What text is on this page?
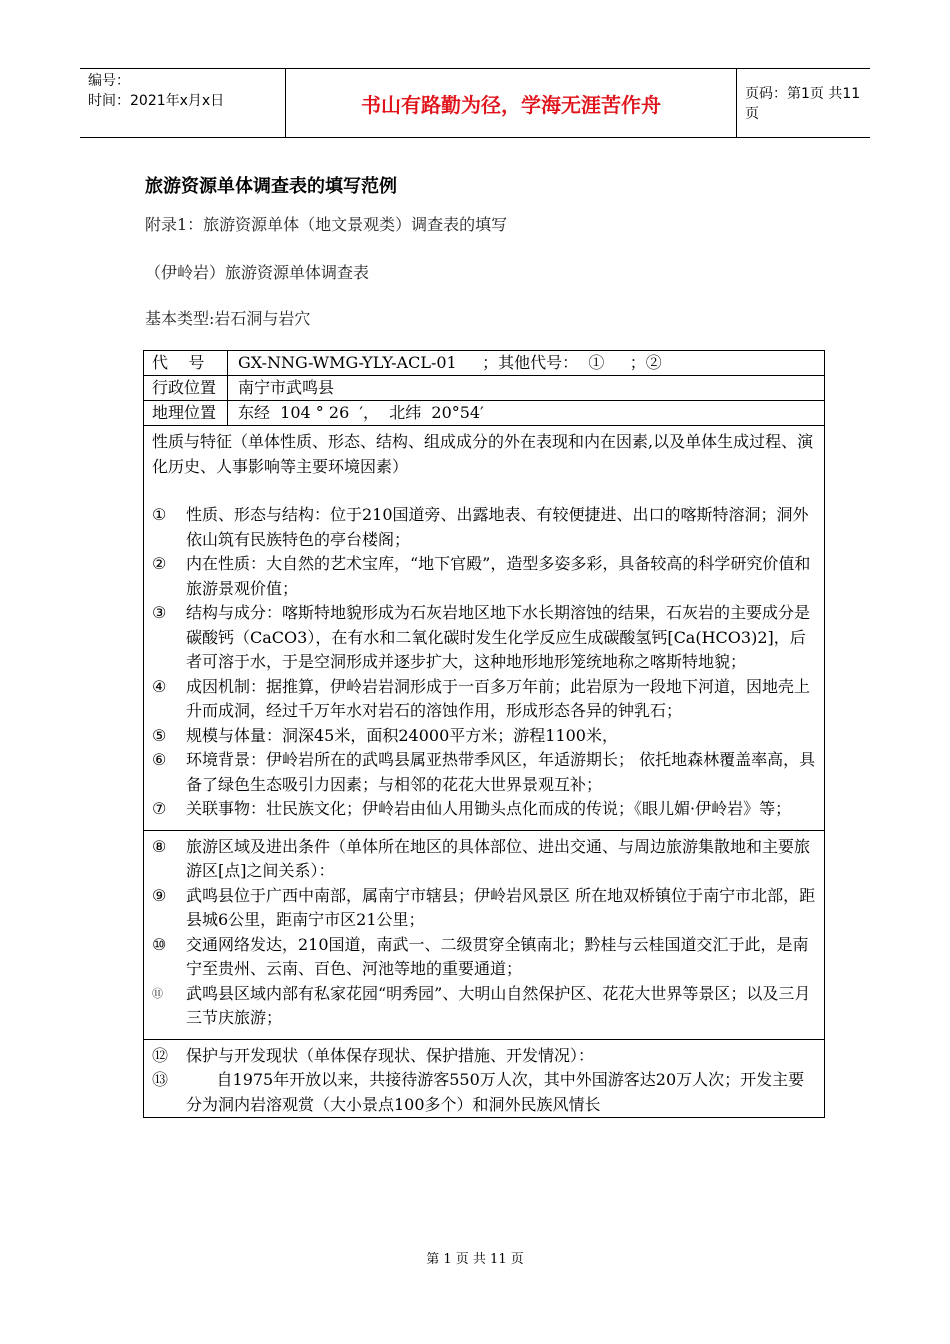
编号：
时间：2021年x月x日	书山有路勤为径，学海无涯苦作舟	页码：第1页 共11页
旅游资源单体调查表的填写范例
附录1：旅游资源单体（地文景观类）调查表的填写
（伊岭岩）旅游资源单体调查表
基本类型:岩石洞与岩穴
代    号	GX-NNG-WMG-YLY-ACL-01     ；其他代号：  ①     ；②
行政位置	南宁市武鸣县
地理位置	东经  104 ° 26  ′，  北纬  20°54′
性质与特征（单体性质、形态、结构、组成成分的外在表现和内在因素,以及单体生成过程、演化历史、人事影响等主要环境因素）
①	性质、形态与结构：位于210国道旁、出露地表、有较便捷进、出口的喀斯特溶洞；洞外依山筑有民族特色的亭台楼阁；
②	内在性质：大自然的艺术宝库，“地下官殿”，造型多姿多彩，具备较高的科学研究价值和旅游景观价值；
③	结构与成分：喀斯特地貌形成为石灰岩地区地下水长期溶蚀的结果，石灰岩的主要成分是碳酸钙（CaCO3），在有水和二氧化碳时发生化学反应生成碳酸氢钙[Ca(HCO3)2]，后者可溶于水，于是空洞形成并逐步扩大，这种地形地形笼统地称之喀斯特地貌；
④	成因机制：据推算，伊岭岩岩洞形成于一百多万年前；此岩原为一段地下河道，因地壳上升而成洞，经过千万年水对岩石的溶蚀作用，形成形态各异的钟乳石；
⑤	规模与体量：洞深45米，面积24000平方米；游程1100米，
⑥	环境背景：伊岭岩所在的武鸣县属亚热带季风区，年适游期长； 依托地森林覆盖率高，具备了绿色生态吸引力因素；与相邻的花花大世界景观互补；
⑦	关联事物：壮民族文化；伊岭岩由仙人用锄头点化而成的传说；《眼儿媚·伊岭岩》等；
⑧	旅游区域及进出条件（单体所在地区的具体部位、进出交通、与周边旅游集散地和主要旅游区[点]之间关系）：
⑨	武鸣县位于广西中南部，属南宁市辖县；伊岭岩风景区 所在地双桥镇位于南宁市北部，距县城6公里，距南宁市区21公里；
⑩	交通网络发达，210国道，南武一、二级贯穿全镇南北；黔桂与云桂国道交汇于此，是南宁至贵州、云南、百色、河池等地的重要通道；
⑪	武鸣县区域内部有私家花园“明秀园”、大明山自然保护区、花花大世界等景区；以及三月三节庆旅游；
⑫	保护与开发现状（单体保存现状、保护措施、开发情况）：
⑬	自1975年开放以来，共接待游客550万人次，其中外国游客达20万人次；开发主要分为洞内岩溶观赏（大小景点100多个）和洞外民族风情长
第 1 页 共 11 页
